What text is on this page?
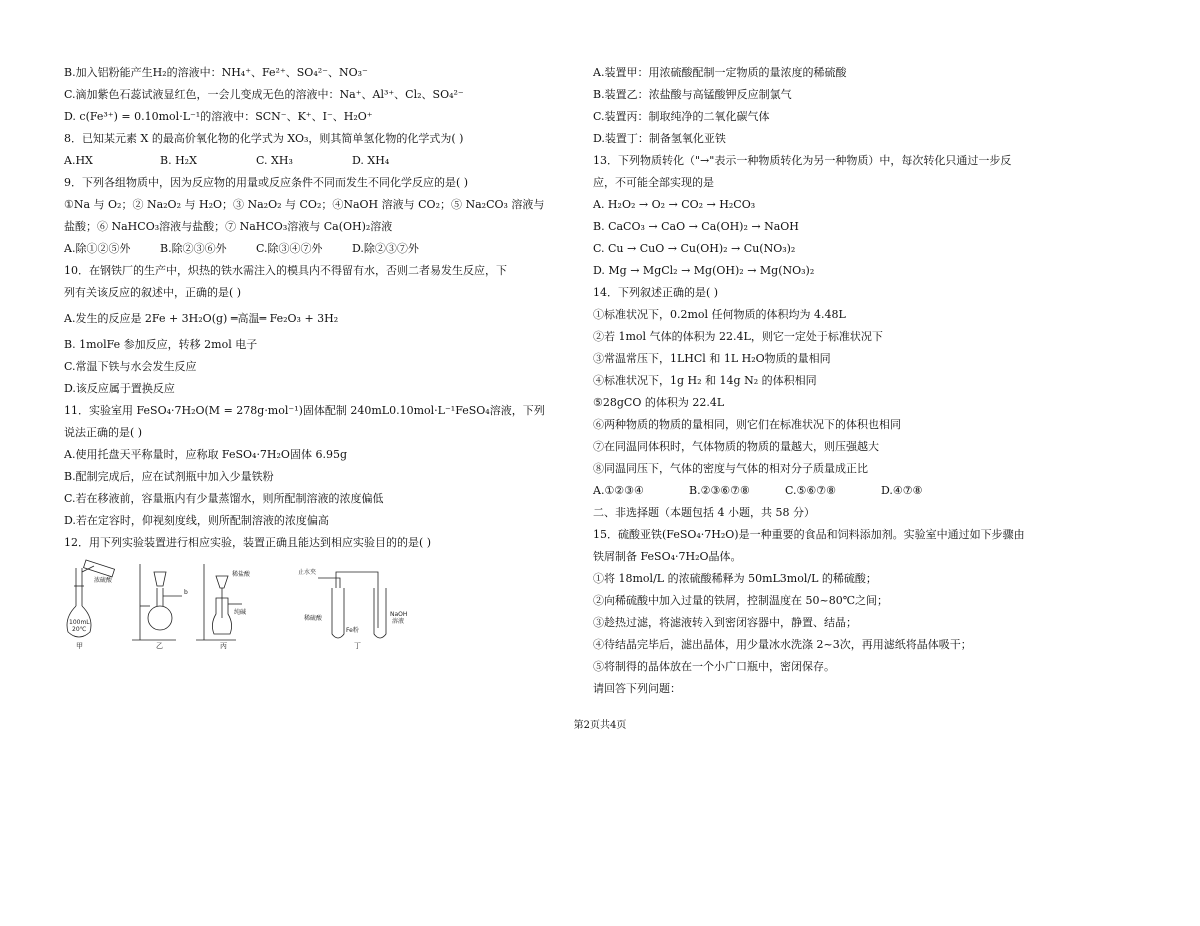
B.加入铝粉能产生H₂的溶液中：NH₄⁺、Fe²⁺、SO₄²⁻、NO₃⁻
C.滴加紫色石蕊试液显红色，一会儿变成无色的溶液中：Na⁺、Al³⁺、Cl₂、SO₄²⁻
D. c(Fe³⁺) = 0.10mol·L⁻¹的溶液中：SCN⁻、K⁺、I⁻、H₂O⁺
8．已知某元素 X 的最高价氧化物的化学式为 XO₃，则其简单氢化物的化学式为( )
A.HX	B. H₂X	C. XH₃	D. XH₄
9．下列各组物质中，因为反应物的用量或反应条件不同而发生不同化学反应的是( )
①Na 与 O₂；② Na₂O₂ 与 H₂O；③ Na₂O₂ 与 CO₂；④NaOH 溶液与 CO₂；⑤ Na₂CO₃ 溶液与
盐酸；⑥ NaHCO₃溶液与盐酸；⑦ NaHCO₃溶液与 Ca(OH)₂溶液
A.除①②⑤外	B.除②③⑥外	C.除③④⑦外	D.除②③⑦外
10．在钢铁厂的生产中，炽热的铁水需注入的模具内不得留有水，否则二者易发生反应，下
列有关该反应的叙述中，正确的是( )
A.发生的反应是 2Fe + 3H₂O(g) ═高温═ Fe₂O₃ + 3H₂
B. 1molFe 参加反应，转移 2mol 电子
C.常温下铁与水会发生反应
D.该反应属于置换反应
11．实验室用 FeSO₄·7H₂O(M = 278g·mol⁻¹)固体配制 240mL0.10mol·L⁻¹FeSO₄溶液，下列
说法正确的是( )
A.使用托盘天平称量时，应称取 FeSO₄·7H₂O固体 6.95g
B.配制完成后，应在试剂瓶中加入少量铁粉
C.若在移液前，容量瓶内有少量蒸馏水，则所配制溶液的浓度偏低
D.若在定容时，仰视刻度线，则所配制溶液的浓度偏高
12．用下列实验装置进行相应实验，装置正确且能达到相应实验目的的是( )
浓硫酸
100mL
20℃
甲
b
乙
稀盐酸
纯碱
丙
止水夹
稀硫酸
Fe粉
NaOH
溶液
丁
A.装置甲：用浓硫酸配制一定物质的量浓度的稀硫酸
B.装置乙：浓盐酸与高锰酸钾反应制氯气
C.装置丙：制取纯净的二氧化碳气体
D.装置丁：制备氢氧化亚铁
13．下列物质转化（"→"表示一种物质转化为另一种物质）中，每次转化只通过一步反
应，不可能全部实现的是
A. H₂O₂ → O₂ → CO₂ → H₂CO₃
B. CaCO₃ → CaO → Ca(OH)₂ → NaOH
C. Cu → CuO → Cu(OH)₂ → Cu(NO₃)₂
D. Mg → MgCl₂ → Mg(OH)₂ → Mg(NO₃)₂
14．下列叙述正确的是( )
①标准状况下，0.2mol 任何物质的体积均为 4.48L
②若 1mol 气体的体积为 22.4L，则它一定处于标准状况下
③常温常压下，1LHCl 和 1L H₂O物质的量相同
④标准状况下，1g H₂ 和 14g N₂ 的体积相同
⑤28gCO 的体积为 22.4L
⑥两种物质的物质的量相同，则它们在标准状况下的体积也相同
⑦在同温同体积时，气体物质的物质的量越大，则压强越大
⑧同温同压下，气体的密度与气体的相对分子质量成正比
A.①②③④	B.②③⑥⑦⑧	C.⑤⑥⑦⑧	D.④⑦⑧
二、非选择题（本题包括 4 小题，共 58 分）
15．硫酸亚铁(FeSO₄·7H₂O)是一种重要的食品和饲料添加剂。实验室中通过如下步骤由
铁屑制备 FeSO₄·7H₂O晶体。
①将 18mol/L 的浓硫酸稀释为 50mL3mol/L 的稀硫酸；
②向稀硫酸中加入过量的铁屑，控制温度在 50~80℃之间；
③趁热过滤，将滤液转入到密闭容器中，静置、结晶；
④待结晶完毕后，滤出晶体，用少量冰水洗涤 2~3次，再用滤纸将晶体吸干；
⑤将制得的晶体放在一个小广口瓶中，密闭保存。
请回答下列问题：
第2页共4页
